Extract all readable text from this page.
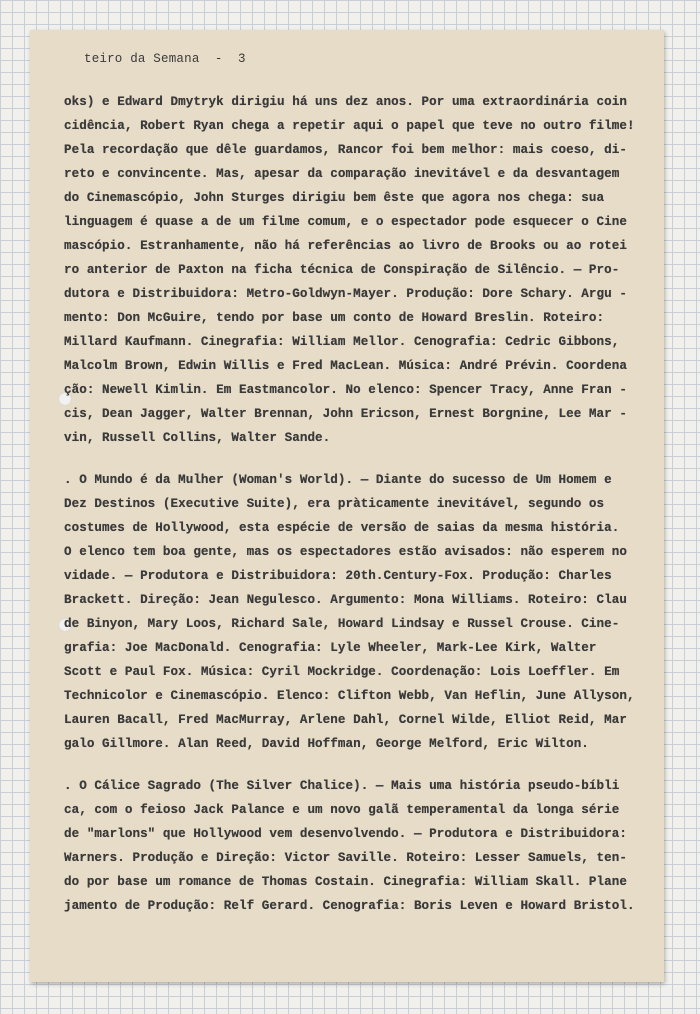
teiro da Semana  -  3
oks) e Edward Dmytryk dirigiu há uns dez anos. Por uma extraordinária coin
cidência, Robert Ryan chega a repetir aqui o papel que teve no outro filme!
Pela recordação que dêle guardamos, Rancor foi bem melhor: mais coeso, di-
reto e convincente. Mas, apesar da comparação inevitável e da desvantagem
do Cinemascópio, John Sturges dirigiu bem êste que agora nos chega: sua
linguagem é quase a de um filme comum, e o espectador pode esquecer o Cine
mascópio. Estranhamente, não há referências ao livro de Brooks ou ao rotei
ro anterior de Paxton na ficha técnica de Conspiração de Silêncio. — Pro-
dutora e Distribuidora: Metro-Goldwyn-Mayer. Produção: Dore Schary. Argu -
mento: Don McGuire, tendo por base um conto de Howard Breslin. Roteiro:
Millard Kaufmann. Cinegrafia: William Mellor. Cenografia: Cedric Gibbons,
Malcolm Brown, Edwin Willis e Fred MacLean. Música: André Prévin. Coordena
ção: Newell Kimlin. Em Eastmancolor. No elenco: Spencer Tracy, Anne Fran -
cis, Dean Jagger, Walter Brennan, John Ericson, Ernest Borgnine, Lee Mar -
vin, Russell Collins, Walter Sande.
. O Mundo é da Mulher (Woman's World). — Diante do sucesso de Um Homem e
Dez Destinos (Executive Suite), era pràticamente inevitável, segundo os
costumes de Hollywood, esta espécie de versão de saias da mesma história.
O elenco tem boa gente, mas os espectadores estão avisados: não esperem no
vidade. — Produtora e Distribuidora: 20th.Century-Fox. Produção: Charles
Brackett. Direção: Jean Negulesco. Argumento: Mona Williams. Roteiro: Clau
de Binyon, Mary Loos, Richard Sale, Howard Lindsay e Russel Crouse. Cine-
grafia: Joe MacDonald. Cenografia: Lyle Wheeler, Mark-Lee Kirk, Walter
Scott e Paul Fox. Música: Cyril Mockridge. Coordenação: Lois Loeffler. Em
Technicolor e Cinemascópio. Elenco: Clifton Webb, Van Heflin, June Allyson,
Lauren Bacall, Fred MacMurray, Arlene Dahl, Cornel Wilde, Elliot Reid, Mar
galo Gillmore. Alan Reed, David Hoffman, George Melford, Eric Wilton.
. O Cálice Sagrado (The Silver Chalice). — Mais uma história pseudo-bíbli
ca, com o feioso Jack Palance e um novo galã temperamental da longa série
de "marlons" que Hollywood vem desenvolvendo. — Produtora e Distribuidora:
Warners. Produção e Direção: Victor Saville. Roteiro: Lesser Samuels, ten-
do por base um romance de Thomas Costain. Cinegrafia: William Skall. Plane
jamento de Produção: Relf Gerard. Cenografia: Boris Leven e Howard Bristol.
